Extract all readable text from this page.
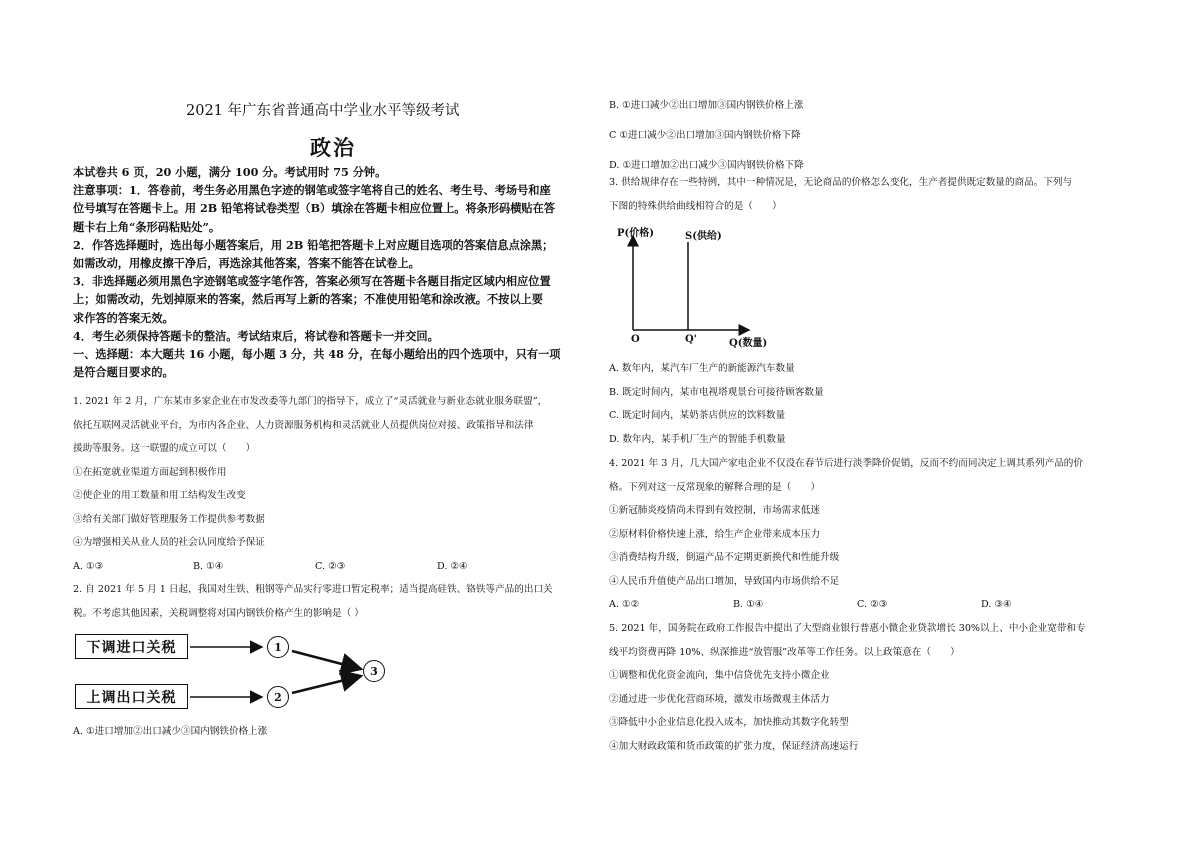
2021 年广东省普通高中学业水平等级考试
政治
本试卷共 6 页，20 小题，满分 100 分。考试用时 75 分钟。
注意事项：1．答卷前，考生务必用黑色字迹的钢笔或签字笔将自己的姓名、考生号、考场号和座
位号填写在答题卡上。用 2B 铅笔将试卷类型（B）填涂在答题卡相应位置上。将条形码横贴在答
题卡右上角“条形码粘贴处”。
2．作答选择题时，选出每小题答案后，用 2B 铅笔把答题卡上对应题目选项的答案信息点涂黑；
如需改动，用橡皮擦干净后，再选涂其他答案，答案不能答在试卷上。
3．非选择题必须用黑色字迹钢笔或签字笔作答，答案必须写在答题卡各题目指定区域内相应位置
上；如需改动，先划掉原来的答案，然后再写上新的答案；不准使用铅笔和涂改液。不按以上要
求作答的答案无效。
4．考生必须保持答题卡的整洁。考试结束后，将试卷和答题卡一并交回。
一、选择题：本大题共 16 小题，每小题 3 分，共 48 分，在每小题给出的四个选项中，只有一项
是符合题目要求的。
1. 2021 年 2 月，广东某市多家企业在市发改委等九部门的指导下，成立了“灵活就业与新业态就业服务联盟”，
依托互联网灵活就业平台，为市内各企业、人力资源服务机构和灵活就业人员提供岗位对接、政策指导和法律
援助等服务。这一联盟的成立可以（　　）
①在拓宽就业渠道方面起到积极作用
②使企业的用工数量和用工结构发生改变
③给有关部门做好管理服务工作提供参考数据
④为增强相关从业人员的社会认同度给予保证
A. ①③	B. ①④	C. ②③	D. ②④
2. 自 2021 年 5 月 1 日起，我国对生铁、粗钢等产品实行零进口暂定税率；适当提高硅铁、铬铁等产品的出口关
税。不考虑其他因素，关税调整将对国内钢铁价格产生的影响是（ ）
下调进口关税
上调出口关税
1
2
3
A. ①进口增加②出口减少③国内钢铁价格上涨
B. ①进口减少②出口增加③国内钢铁价格上涨
C ①进口减少②出口增加③国内钢铁价格下降
D. ①进口增加②出口减少③国内钢铁价格下降
3. 供给规律存在一些特例，其中一种情况是，无论商品的价格怎么变化，生产者提供既定数量的商品。下列与
下图的特殊供给曲线相符合的是（　　）
P(价格)	S(供给)
O	Q'	Q(数量)
A. 数年内，某汽车厂生产的新能源汽车数量
B. 既定时间内，某市电视塔观景台可接待顾客数量
C. 既定时间内，某奶茶店供应的饮料数量
D. 数年内，某手机厂生产的智能手机数量
4. 2021 年 3 月，几大国产家电企业不仅没在春节后进行淡季降价促销，反而不约而同决定上调其系列产品的价
格。下列对这一反常现象的解释合理的是（　　）
①新冠肺炎疫情尚未得到有效控制，市场需求低迷
②原材料价格快速上涨，给生产企业带来成本压力
③消费结构升级，倒逼产品不定期更新换代和性能升级
④人民币升值使产品出口增加，导致国内市场供给不足
A. ①②	B. ①④	C. ②③	D. ③④
5. 2021 年，国务院在政府工作报告中提出了大型商业银行普惠小微企业贷款增长 30%以上、中小企业宽带和专
线平均资费再降 10%、纵深推进“放管服”改革等工作任务。以上政策意在（　　）
①调整和优化资金流向，集中信贷优先支持小微企业
②通过进一步优化营商环境，激发市场微观主体活力
③降低中小企业信息化投入成本，加快推动其数字化转型
④加大财政政策和货币政策的扩张力度，保证经济高速运行
